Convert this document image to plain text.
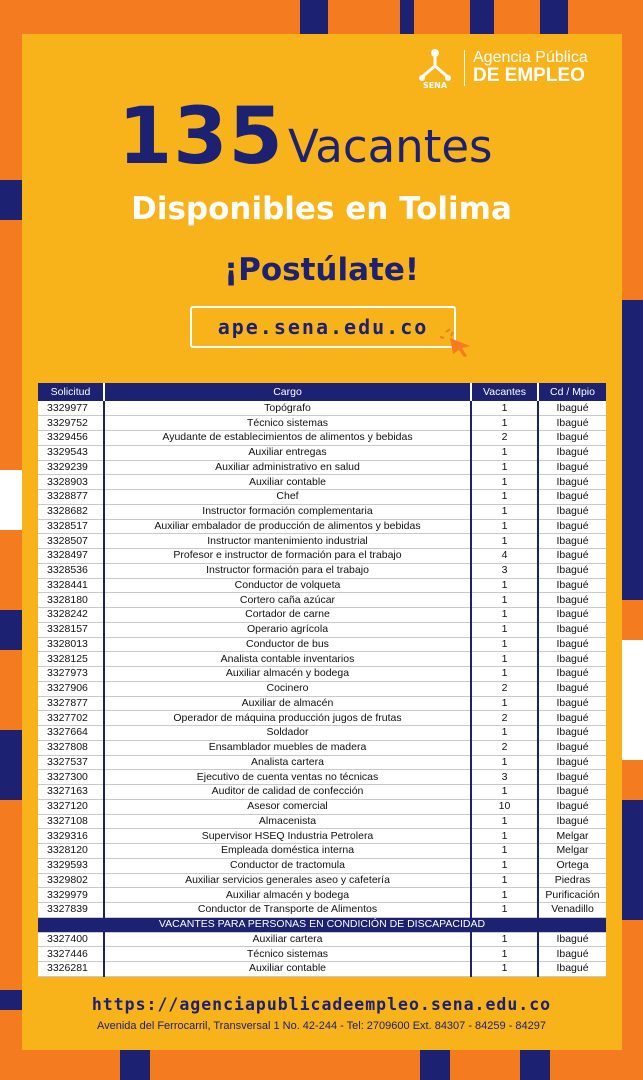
SENA
Agencia Pública
DE EMPLEO
135 Vacantes
Disponibles en Tolima
¡Postúlate!
ape.sena.edu.co
Solicitud	Cargo	Vacantes	Cd / Mpio
3329977	Topógrafo	1	Ibagué
3329752	Técnico sistemas	1	Ibagué
3329456	Ayudante de establecimientos de alimentos y bebidas	2	Ibagué
3329543	Auxiliar entregas	1	Ibagué
3329239	Auxiliar administrativo en salud	1	Ibagué
3328903	Auxiliar contable	1	Ibagué
3328877	Chef	1	Ibagué
3328682	Instructor formación complementaria	1	Ibagué
3328517	Auxiliar embalador de producción de alimentos y bebidas	1	Ibagué
3328507	Instructor mantenimiento industrial	1	Ibagué
3328497	Profesor e instructor de formación para el trabajo	4	Ibagué
3328536	Instructor formación para el trabajo	3	Ibagué
3328441	Conductor de volqueta	1	Ibagué
3328180	Cortero caña azúcar	1	Ibagué
3328242	Cortador de carne	1	Ibagué
3328157	Operario agrícola	1	Ibagué
3328013	Conductor de bus	1	Ibagué
3328125	Analista contable inventarios	1	Ibagué
3327973	Auxiliar almacén y bodega	1	Ibagué
3327906	Cocinero	2	Ibagué
3327877	Auxiliar de almacén	1	Ibagué
3327702	Operador de máquina producción jugos de frutas	2	Ibagué
3327664	Soldador	1	Ibagué
3327808	Ensamblador muebles de madera	2	Ibagué
3327537	Analista cartera	1	Ibagué
3327300	Ejecutivo de cuenta ventas no técnicas	3	Ibagué
3327163	Auditor de calidad de confección	1	Ibagué
3327120	Asesor comercial	10	Ibagué
3327108	Almacenista	1	Ibagué
3329316	Supervisor HSEQ Industria Petrolera	1	Melgar
3328120	Empleada doméstica interna	1	Melgar
3329593	Conductor de tractomula	1	Ortega
3329802	Auxiliar servicios generales aseo y cafetería	1	Piedras
3329979	Auxiliar almacén y bodega	1	Purificación
3327839	Conductor de Transporte de Alimentos	1	Venadillo
VACANTES PARA PERSONAS EN CONDICIÓN DE DISCAPACIDAD			
3327400	Auxiliar cartera	1	Ibagué
3327446	Técnico sistemas	1	Ibagué
3326281	Auxiliar contable	1	Ibagué
https://agenciapublicadeempleo.sena.edu.co
Avenida del Ferrocarril, Transversal 1 No. 42-244 - Tel: 2709600 Ext. 84307 - 84259 - 84297
